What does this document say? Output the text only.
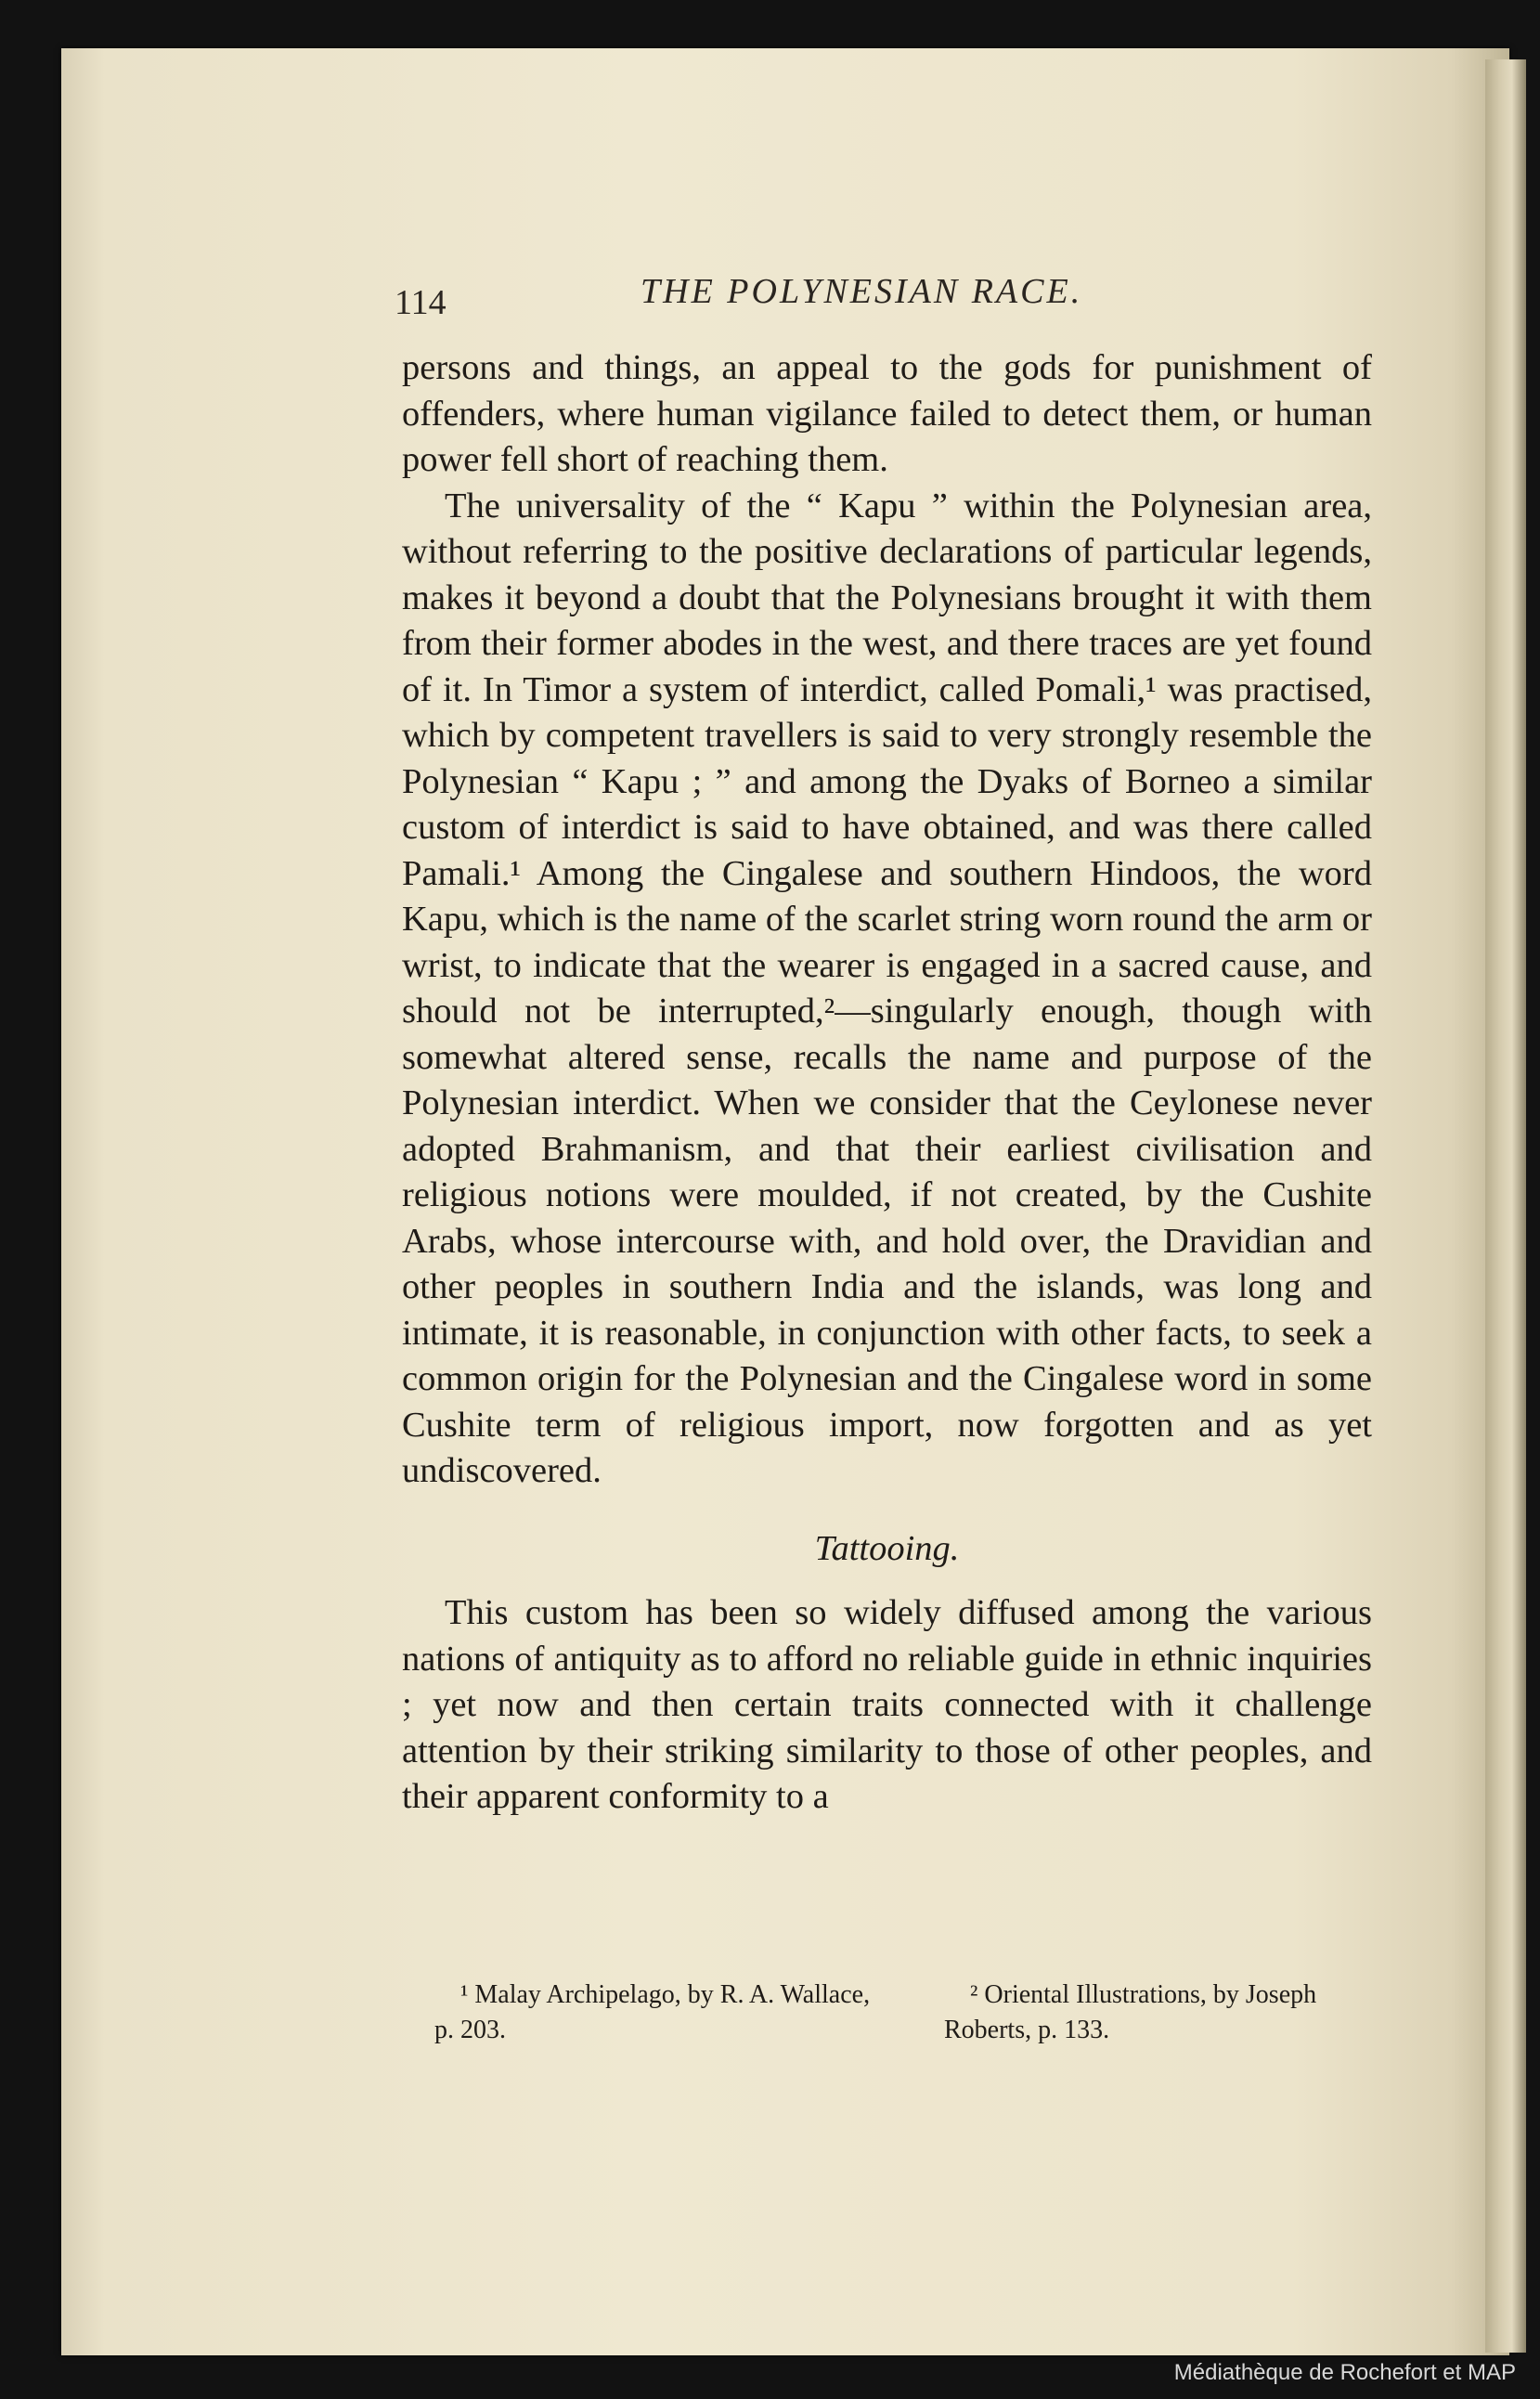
114	THE POLYNESIAN RACE.

persons and things, an appeal to the gods for punishment of offenders, where human vigilance failed to detect them, or human power fell short of reaching them.

The universality of the “ Kapu ” within the Polynesian area, without referring to the positive declarations of particular legends, makes it beyond a doubt that the Polynesians brought it with them from their former abodes in the west, and there traces are yet found of it. In Timor a system of interdict, called Pomali,¹ was practised, which by competent travellers is said to very strongly resemble the Polynesian “ Kapu ; ” and among the Dyaks of Borneo a similar custom of interdict is said to have obtained, and was there called Pamali.¹ Among the Cingalese and southern Hindoos, the word Kapu, which is the name of the scarlet string worn round the arm or wrist, to indicate that the wearer is engaged in a sacred cause, and should not be interrupted,²—singularly enough, though with somewhat altered sense, recalls the name and purpose of the Polynesian interdict. When we consider that the Ceylonese never adopted Brahmanism, and that their earliest civilisation and religious notions were moulded, if not created, by the Cushite Arabs, whose intercourse with, and hold over, the Dravidian and other peoples in southern India and the islands, was long and intimate, it is reasonable, in conjunction with other facts, to seek a common origin for the Polynesian and the Cingalese word in some Cushite term of religious import, now forgotten and as yet undiscovered.

Tattooing.

This custom has been so widely diffused among the various nations of antiquity as to afford no reliable guide in ethnic inquiries ; yet now and then certain traits connected with it challenge attention by their striking similarity to those of other peoples, and their apparent conformity to a

¹ Malay Archipelago, by R. A. Wallace, p. 203.

² Oriental Illustrations, by Joseph Roberts, p. 133.

Médiathèque de Rochefort et MAP
